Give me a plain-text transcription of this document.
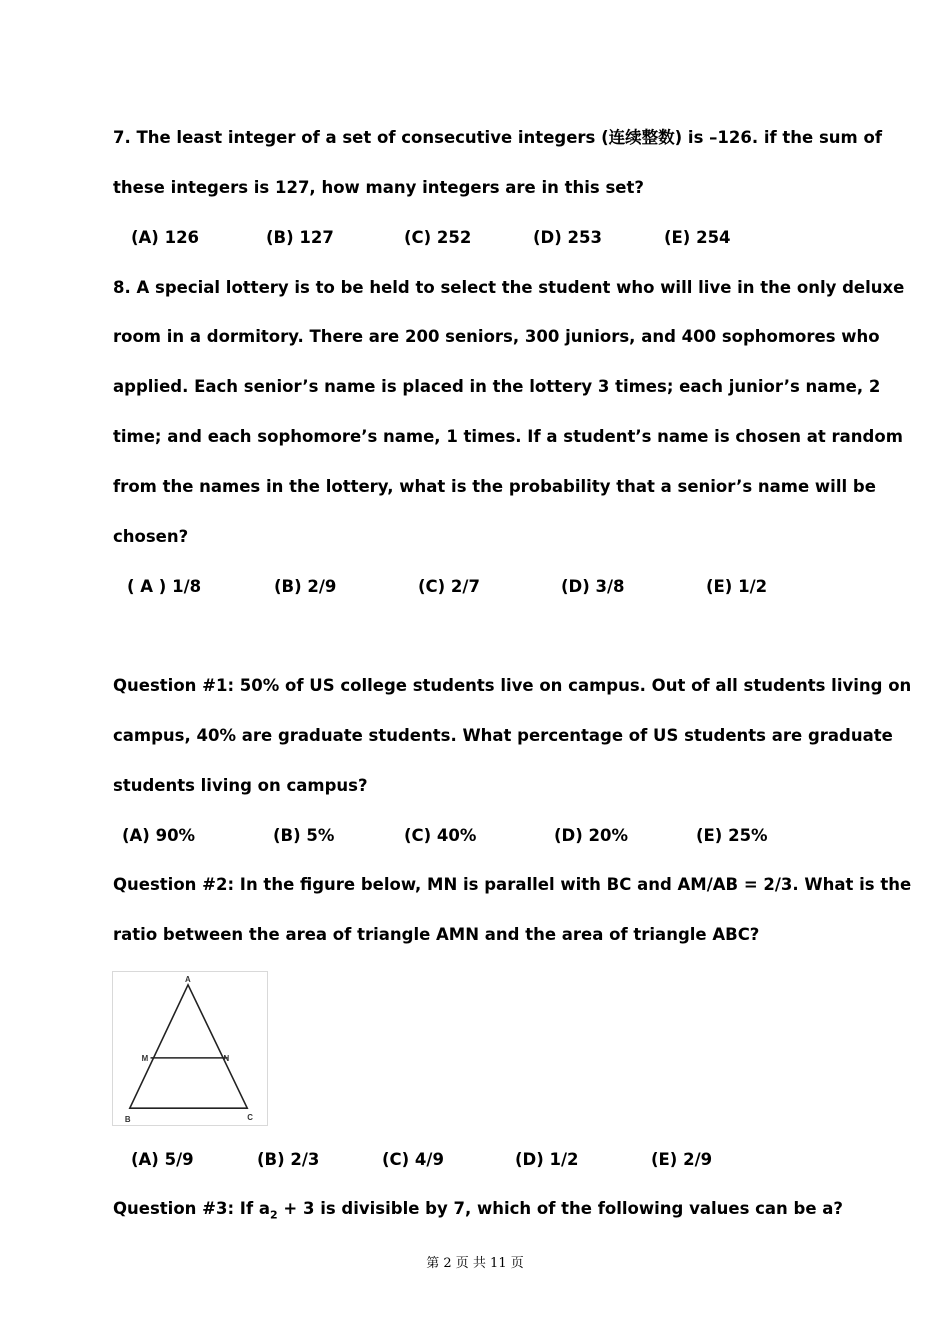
7. The least integer of a set of consecutive integers (连续整数) is –126. if the sum of
these integers is 127, how many integers are in this set?
(A) 126	(B) 127	(C) 252	(D) 253	(E) 254
8. A special lottery is to be held to select the student who will live in the only deluxe
room in a dormitory. There are 200 seniors, 300 juniors, and 400 sophomores who
applied. Each senior’s name is placed in the lottery 3 times; each junior’s name, 2
time; and each sophomore’s name, 1 times. If a student’s name is chosen at random
from the names in the lottery, what is the probability that a senior’s name will be
chosen?
( A ) 1/8	(B) 2/9	(C) 2/7	(D) 3/8	(E) 1/2
Question #1: 50% of US college students live on campus. Out of all students living on
campus, 40% are graduate students. What percentage of US students are graduate
students living on campus?
(A) 90%	(B) 5%	(C) 40%	(D) 20%	(E) 25%
Question #2: In the figure below, MN is parallel with BC and AM/AB = 2/3. What is the
ratio between the area of triangle AMN and the area of triangle ABC?
A
M	N
B	C
(A) 5/9	(B) 2/3	(C) 4/9	(D) 1/2	(E) 2/9
Question #3: If $a_2 + 3$ is divisible by 7, which of the following values can be a?
第 2 页 共 11 页
